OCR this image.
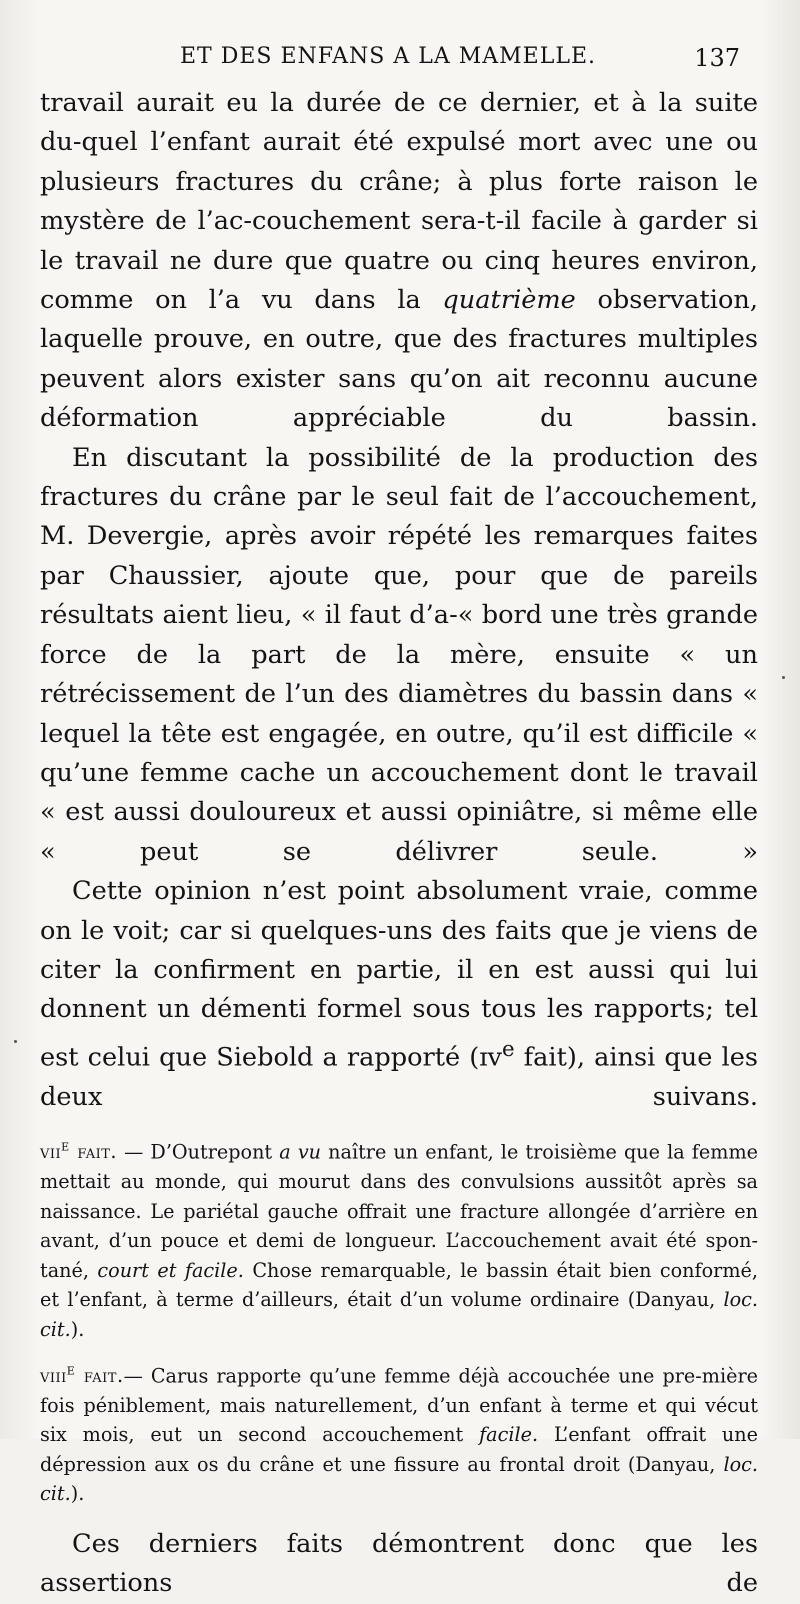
ET DES ENFANS A LA MAMELLE.	137

travail aurait eu la durée de ce dernier, et à la suite du-quel l’enfant aurait été expulsé mort avec une ou plusieurs fractures du crâne; à plus forte raison le mystère de l’ac-couchement sera-t-il facile à garder si le travail ne dure que quatre ou cinq heures environ, comme on l’a vu dans la quatrième observation, laquelle prouve, en outre, que des fractures multiples peuvent alors exister sans qu’on ait reconnu aucune déformation appréciable du bassin.

En discutant la possibilité de la production des fractures du crâne par le seul fait de l’accouchement, M. Devergie, après avoir répété les remarques faites par Chaussier, ajoute que, pour que de pareils résultats aient lieu, « il faut d’a-« bord une très grande force de la part de la mère, ensuite « un rétrécissement de l’un des diamètres du bassin dans « lequel la tête est engagée, en outre, qu’il est difficile « qu’une femme cache un accouchement dont le travail « est aussi douloureux et aussi opiniâtre, si même elle « peut se délivrer seule. »

Cette opinion n’est point absolument vraie, comme on le voit; car si quelques-uns des faits que je viens de citer la confirment en partie, il en est aussi qui lui donnent un démenti formel sous tous les rapports; tel est celui que Siebold a rapporté (ɪᴠ$^e$ fait), ainsi que les deux suivans.

vii$^e$ fait. — D’Outrepont a vu naître un enfant, le troisième que la femme mettait au monde, qui mourut dans des convulsions aussitôt après sa naissance. Le pariétal gauche offrait une fracture allongée d’arrière en avant, d’un pouce et demi de longueur. L’accouchement avait été spon-tané, court et facile. Chose remarquable, le bassin était bien conformé, et l’enfant, à terme d’ailleurs, était d’un volume ordinaire (Danyau, loc. cit.).

viii$^e$ fait.— Carus rapporte qu’une femme déjà accouchée une pre-mière fois péniblement, mais naturellement, d’un enfant à terme et qui vécut six mois, eut un second accouchement facile. L’enfant offrait une dépression aux os du crâne et une fissure au frontal droit (Danyau, loc. cit.).

Ces derniers faits démontrent donc que les assertions de
